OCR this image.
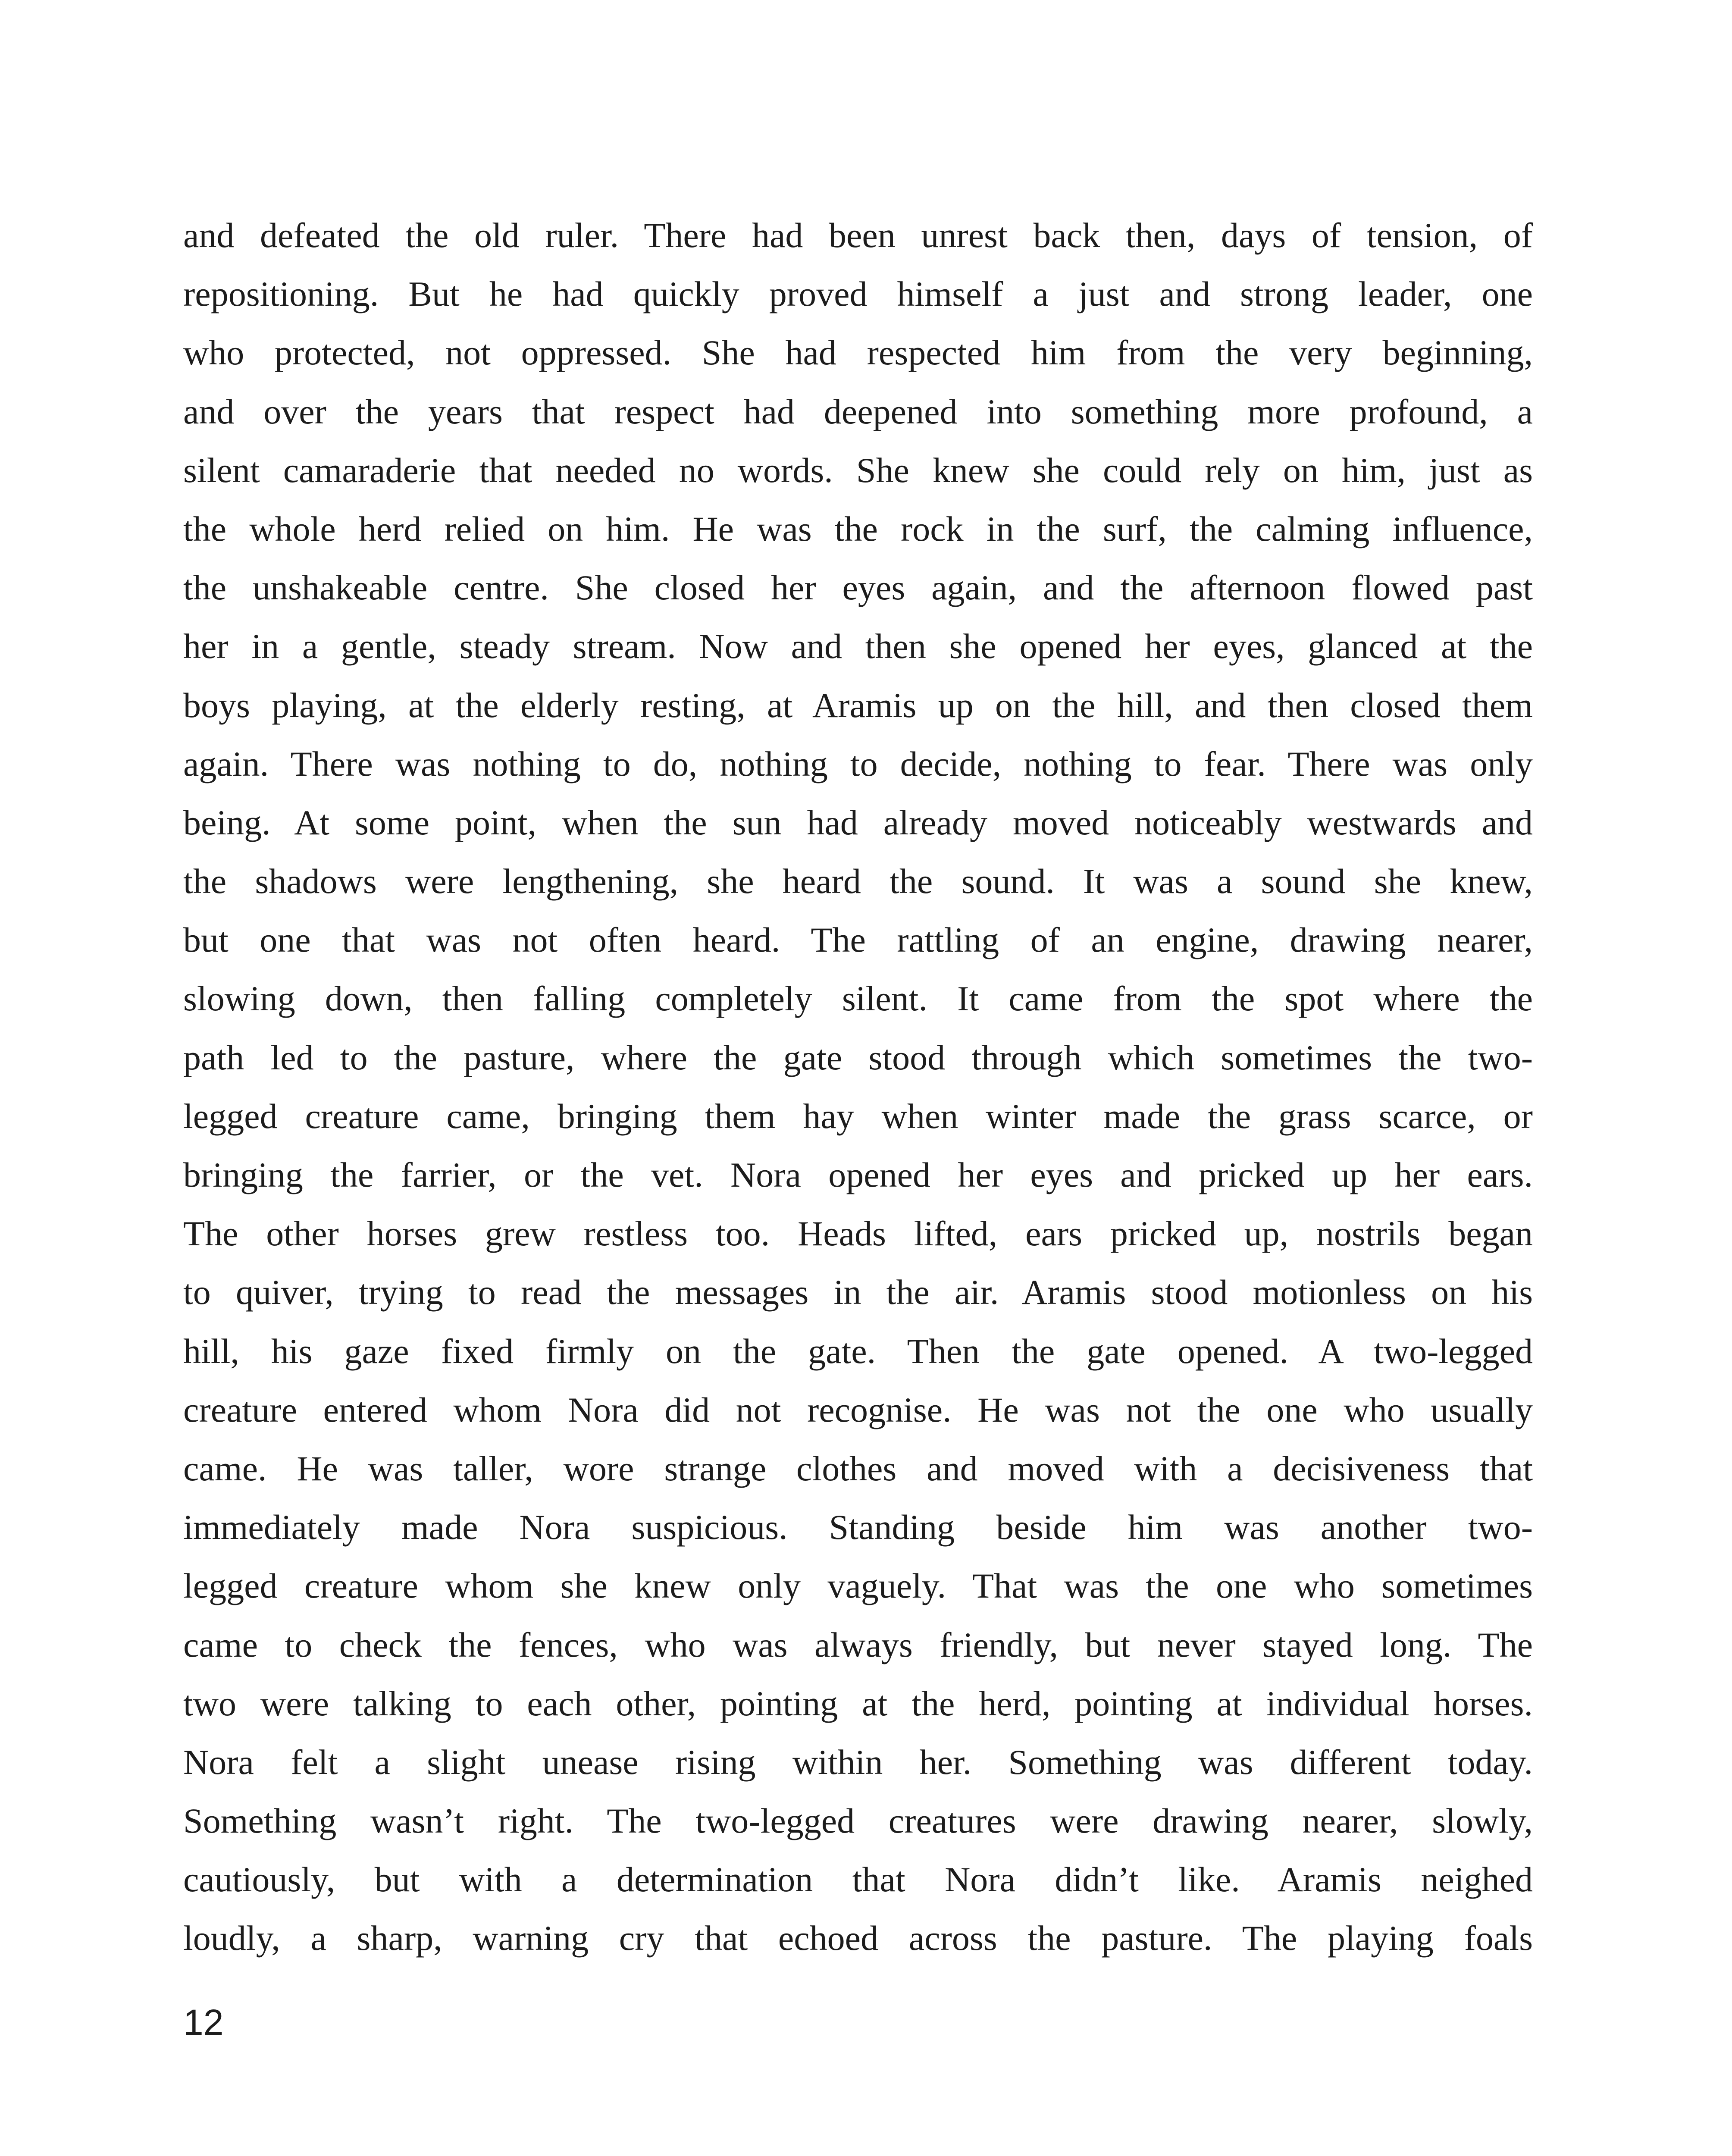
and defeated the old ruler. There had been unrest back then, days of tension, of
repositioning. But he had quickly proved himself a just and strong leader, one
who protected, not oppressed. She had respected him from the very beginning,
and over the years that respect had deepened into something more profound, a
silent camaraderie that needed no words. She knew she could rely on him, just as
the whole herd relied on him. He was the rock in the surf, the calming influence,
the unshakeable centre. She closed her eyes again, and the afternoon flowed past
her in a gentle, steady stream. Now and then she opened her eyes, glanced at the
boys playing, at the elderly resting, at Aramis up on the hill, and then closed them
again. There was nothing to do, nothing to decide, nothing to fear. There was only
being. At some point, when the sun had already moved noticeably westwards and
the shadows were lengthening, she heard the sound. It was a sound she knew,
but one that was not often heard. The rattling of an engine, drawing nearer,
slowing down, then falling completely silent. It came from the spot where the
path led to the pasture, where the gate stood through which sometimes the two-
legged creature came, bringing them hay when winter made the grass scarce, or
bringing the farrier, or the vet. Nora opened her eyes and pricked up her ears.
The other horses grew restless too. Heads lifted, ears pricked up, nostrils began
to quiver, trying to read the messages in the air. Aramis stood motionless on his
hill, his gaze fixed firmly on the gate. Then the gate opened. A two-legged
creature entered whom Nora did not recognise. He was not the one who usually
came. He was taller, wore strange clothes and moved with a decisiveness that
immediately made Nora suspicious. Standing beside him was another two-
legged creature whom she knew only vaguely. That was the one who sometimes
came to check the fences, who was always friendly, but never stayed long. The
two were talking to each other, pointing at the herd, pointing at individual horses.
Nora felt a slight unease rising within her. Something was different today.
Something wasn’t right. The two-legged creatures were drawing nearer, slowly,
cautiously, but with a determination that Nora didn’t like. Aramis neighed
loudly, a sharp, warning cry that echoed across the pasture. The playing foals
12
